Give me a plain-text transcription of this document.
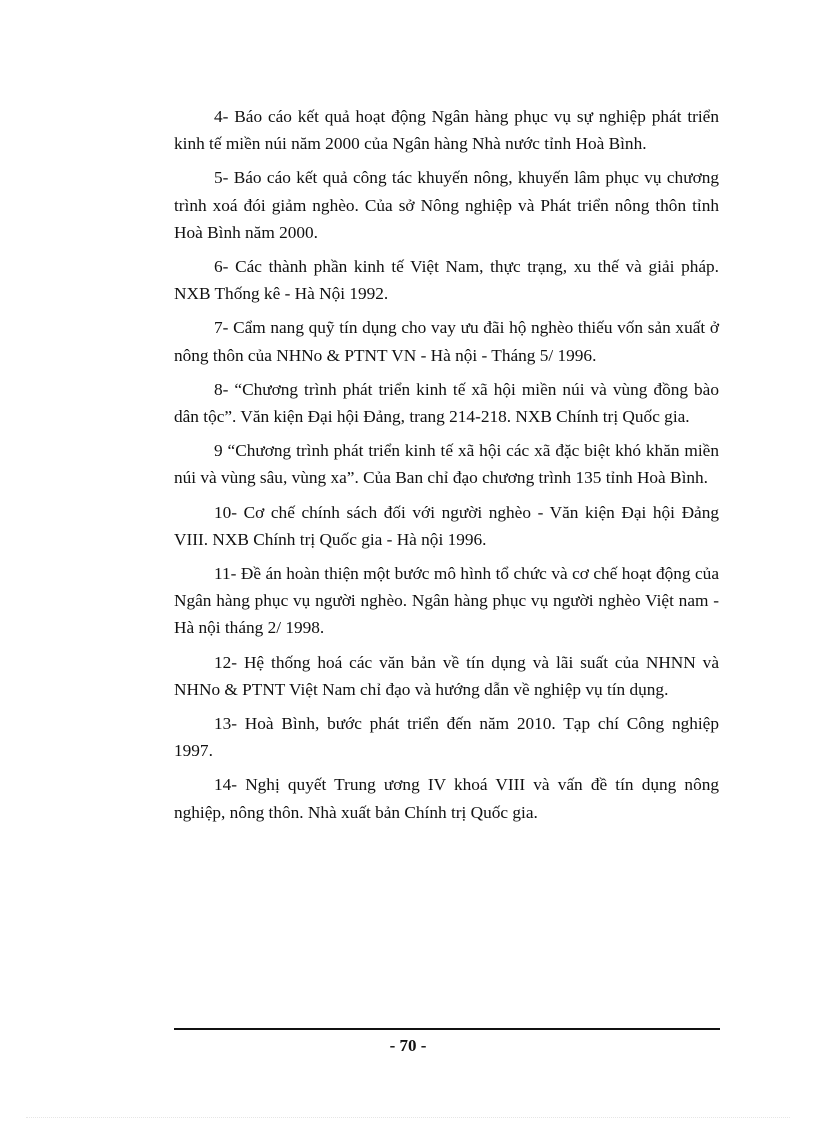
4- Báo cáo kết quả hoạt động Ngân hàng phục vụ sự nghiệp phát triển kinh tế miền núi năm 2000 của Ngân hàng Nhà nước tỉnh Hoà Bình.

5- Báo cáo kết quả công tác khuyến nông, khuyến lâm phục vụ chương trình xoá đói giảm nghèo. Của sở Nông nghiệp và Phát triển nông thôn tỉnh Hoà Bình năm 2000.

6- Các thành phần kinh tế Việt Nam, thực trạng, xu thế và giải pháp. NXB Thống kê - Hà Nội 1992.

7- Cẩm nang quỹ tín dụng cho vay ưu đãi hộ nghèo thiếu vốn sản xuất ở nông thôn của NHNo & PTNT VN - Hà nội - Tháng 5/ 1996.

8- “Chương trình phát triển kinh tế xã hội miền núi và vùng đồng bào dân tộc”. Văn kiện Đại hội Đảng, trang 214-218. NXB Chính trị Quốc gia.

9 “Chương trình phát triển kinh tế xã hội các xã đặc biệt khó khăn miền núi và vùng sâu, vùng xa”. Của Ban chỉ đạo chương trình 135 tỉnh Hoà Bình.

10- Cơ chế chính sách đối với người nghèo - Văn kiện Đại hội Đảng VIII. NXB Chính trị Quốc gia - Hà nội 1996.

11- Đề án hoàn thiện một bước mô hình tổ chức và cơ chế hoạt động của Ngân hàng phục vụ người nghèo. Ngân hàng phục vụ người nghèo Việt nam - Hà nội tháng 2/ 1998.

12- Hệ thống hoá các văn bản về tín dụng và lãi suất của NHNN và NHNo & PTNT Việt Nam chỉ đạo và hướng dẫn về nghiệp vụ tín dụng.

13- Hoà Bình, bước phát triển đến năm 2010. Tạp chí Công nghiệp 1997.

14- Nghị quyết Trung ương IV khoá VIII và vấn đề tín dụng nông nghiệp, nông thôn. Nhà xuất bản Chính trị Quốc gia.

- 70 -
